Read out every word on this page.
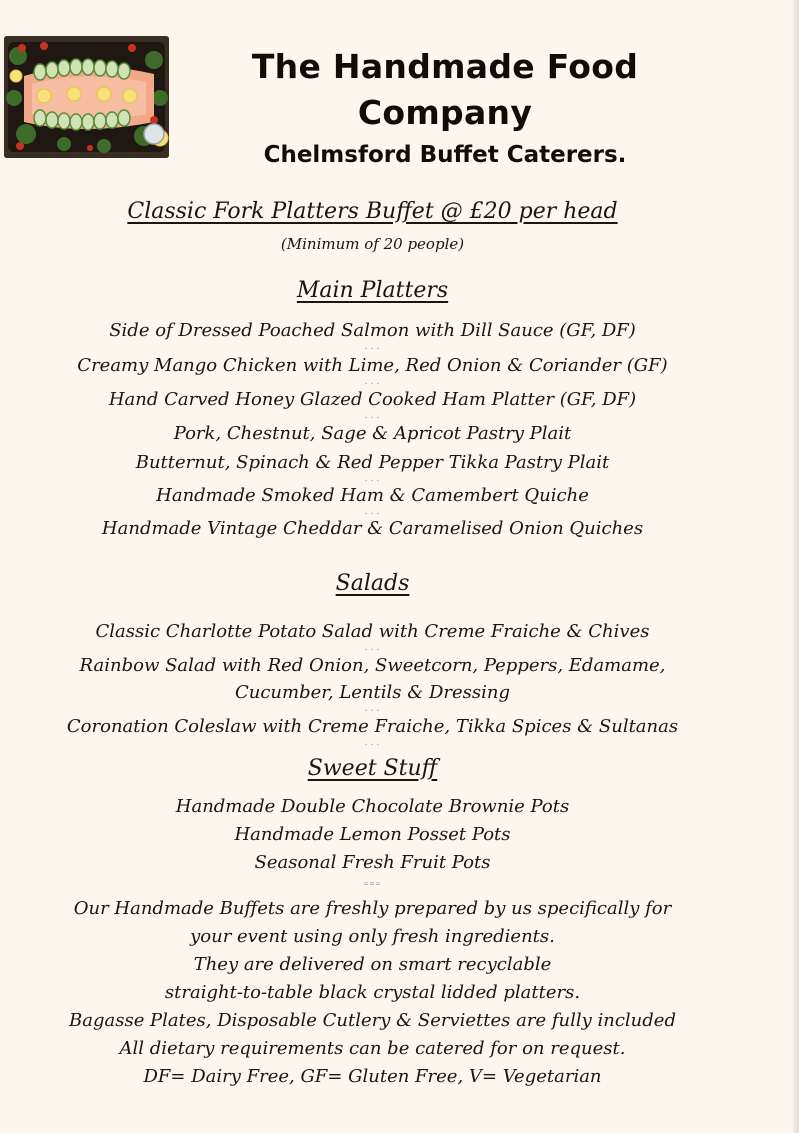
The Handmade Food Company
Chelmsford Buffet Caterers.
Classic Fork Platters Buffet @ £20 per head
(Minimum of 20 people)
Main Platters
Side of Dressed Poached Salmon with Dill Sauce (GF, DF)
···
Creamy Mango Chicken with Lime, Red Onion & Coriander (GF)
···
Hand Carved Honey Glazed Cooked Ham Platter (GF, DF)
···
Pork, Chestnut, Sage & Apricot Pastry Plait
Butternut, Spinach & Red Pepper Tikka Pastry Plait
···
Handmade Smoked Ham & Camembert Quiche
···
Handmade Vintage Cheddar & Caramelised Onion Quiches
Salads
Classic Charlotte Potato Salad with Creme Fraiche & Chives
···
Rainbow Salad with Red Onion, Sweetcorn, Peppers, Edamame,
Cucumber, Lentils & Dressing
···
Coronation Coleslaw with Creme Fraiche, Tikka Spices & Sultanas
···
Sweet Stuff
Handmade Double Chocolate Brownie Pots
Handmade Lemon Posset Pots
Seasonal Fresh Fruit Pots
===
Our Handmade Buffets are freshly prepared by us specifically for
your event using only fresh ingredients.
They are delivered on smart recyclable
straight-to-table black crystal lidded platters.
Bagasse Plates, Disposable Cutlery & Serviettes are fully included
All dietary requirements can be catered for on request.
DF= Dairy Free, GF= Gluten Free, V= Vegetarian
